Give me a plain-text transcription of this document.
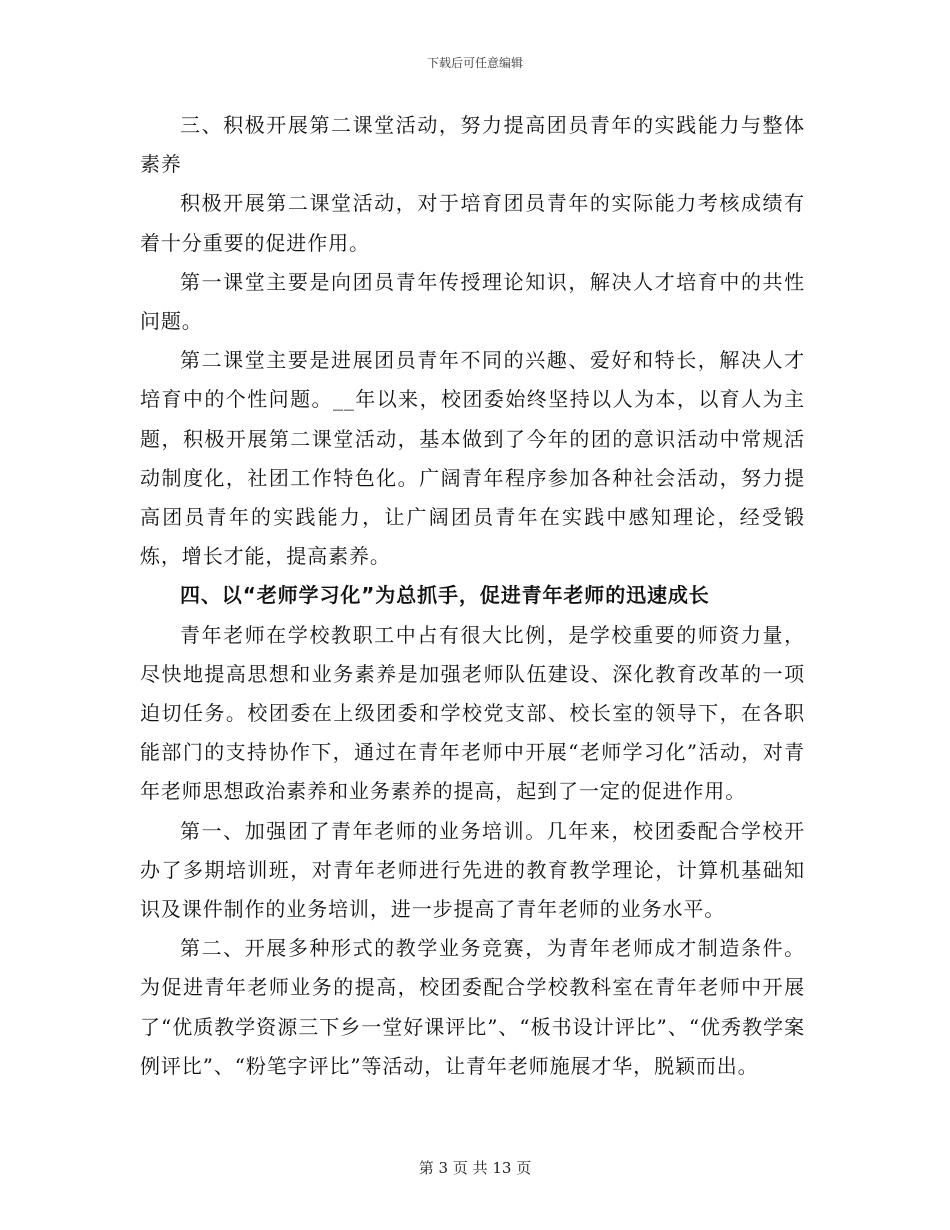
下载后可任意编辑

三、积极开展第二课堂活动，努力提高团员青年的实践能力与整体素养

积极开展第二课堂活动，对于培育团员青年的实际能力考核成绩有着十分重要的促进作用。

第一课堂主要是向团员青年传授理论知识，解决人才培育中的共性问题。

第二课堂主要是进展团员青年不同的兴趣、爱好和特长，解决人才培育中的个性问题。__年以来，校团委始终坚持以人为本，以育人为主题，积极开展第二课堂活动，基本做到了今年的团的意识活动中常规活动制度化，社团工作特色化。广阔青年程序参加各种社会活动，努力提高团员青年的实践能力，让广阔团员青年在实践中感知理论，经受锻炼，增长才能，提高素养。

四、以“老师学习化”为总抓手，促进青年老师的迅速成长

青年老师在学校教职工中占有很大比例，是学校重要的师资力量，尽快地提高思想和业务素养是加强老师队伍建设、深化教育改革的一项迫切任务。校团委在上级团委和学校党支部、校长室的领导下，在各职能部门的支持协作下，通过在青年老师中开展“老师学习化”活动，对青年老师思想政治素养和业务素养的提高，起到了一定的促进作用。

第一、加强团了青年老师的业务培训。几年来，校团委配合学校开办了多期培训班，对青年老师进行先进的教育教学理论，计算机基础知识及课件制作的业务培训，进一步提高了青年老师的业务水平。

第二、开展多种形式的教学业务竞赛，为青年老师成才制造条件。为促进青年老师业务的提高，校团委配合学校教科室在青年老师中开展了“优质教学资源三下乡一堂好课评比”、“板书设计评比”、“优秀教学案例评比”、“粉笔字评比”等活动，让青年老师施展才华，脱颖而出。

第 3 页 共 13 页
